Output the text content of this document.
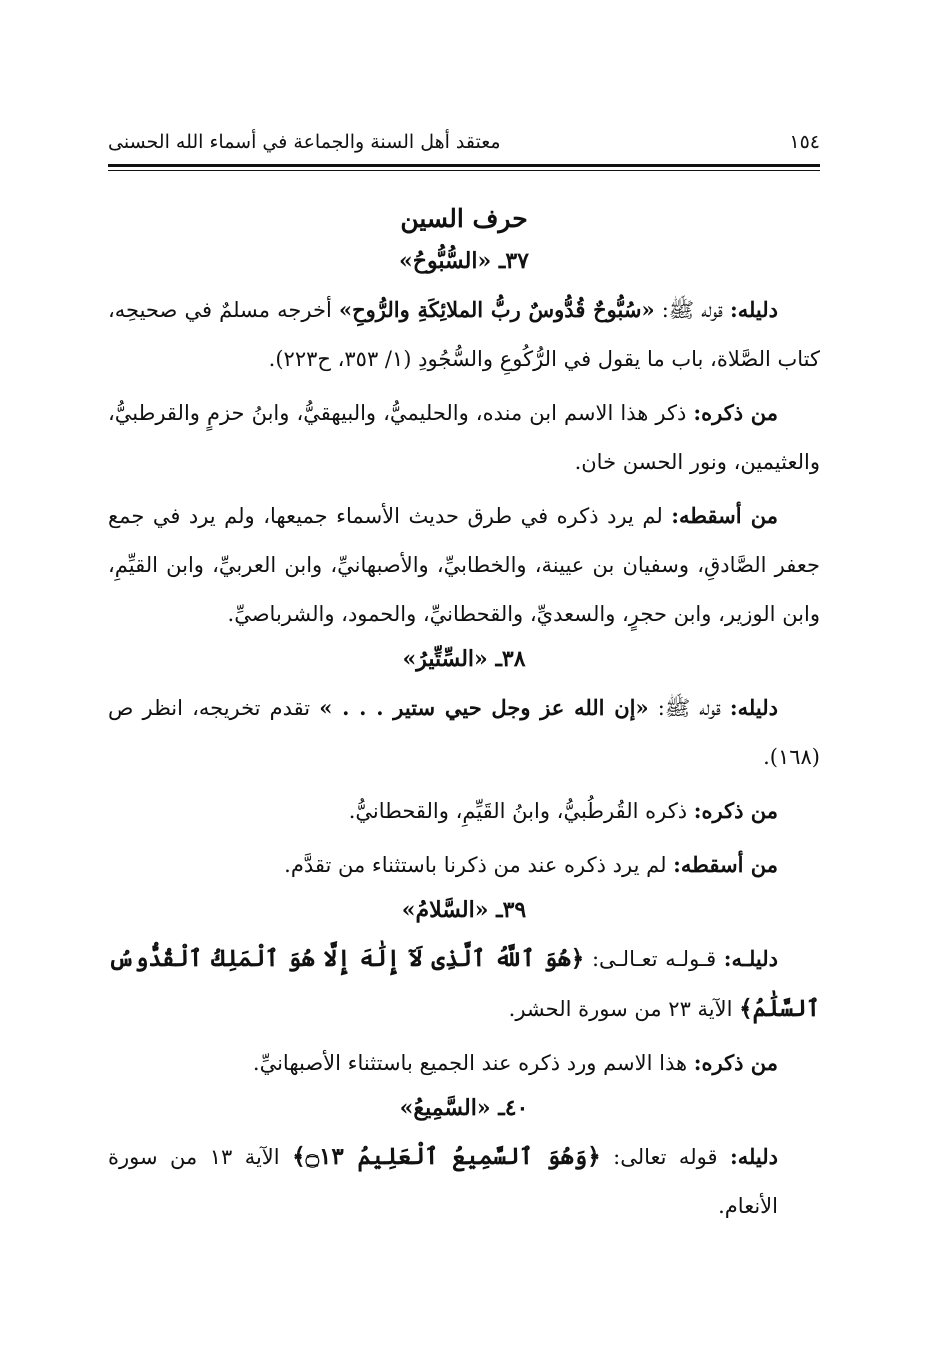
١٥٤
معتقد أهل السنة والجماعة في أسماء الله الحسنى
حرف السين
٣٧ـ «السُّبُّوحُ»

دليله: قوله ﷺ: «سُبُّوحٌ قُدُّوسٌ ربُّ الملائِكَةِ والرُّوحِ» أخرجه مسلمٌ في صحيحِه، كتاب الصَّلاة، باب ما يقول في الرُّكُوعِ والسُّجُودِ (١/ ٣٥٣، ح٢٢٣).

من ذكره: ذكر هذا الاسم ابن منده، والحليميُّ، والبيهقيُّ، وابنُ حزمٍ والقرطبيُّ، والعثيمين، ونور الحسن خان.

من أسقطه: لم يرد ذكره في طرق حديث الأسماء جميعها، ولم يرد في جمع جعفر الصَّادقِ، وسفيان بن عيينة، والخطابيِّ، والأصبهانيِّ، وابن العربيِّ، وابن القيِّمِ، وابن الوزير، وابن حجرٍ، والسعديِّ، والقحطانيِّ، والحمود، والشرباصيِّ.

٣٨ـ «السِّتِّيرُ»

دليله: قوله ﷺ: «إن الله عز وجل حيي ستير . . . » تقدم تخريجه، انظر ص (١٦٨).

من ذكره: ذكره القُرطُبيُّ، وابنُ القَيِّمِ، والقحطانيُّ.

من أسقطه: لم يرد ذكره عند من ذكرنا باستثناء من تقدَّم.

٣٩ـ «السَّلامُ»

دليلـه: قـولـه تعـالـى: ﴿هُوَ ٱللَّهُ ٱلَّذِى لَآ إِلَٰهَ إِلَّا هُوَ ٱلْمَلِكُ ٱلْقُدُّوسُ ٱلسَّلَٰمُ﴾ الآية ٢٣ من سورة الحشر.

من ذكره: هذا الاسم ورد ذكره عند الجميع باستثناء الأصبهانيِّ.

٤٠ـ «السَّمِيعُ»

دليله: قوله تعالى: ﴿وَهُوَ ٱلسَّمِيعُ ٱلْعَلِيمُ ۝١٣﴾ الآية ١٣ من سورة الأنعام.
